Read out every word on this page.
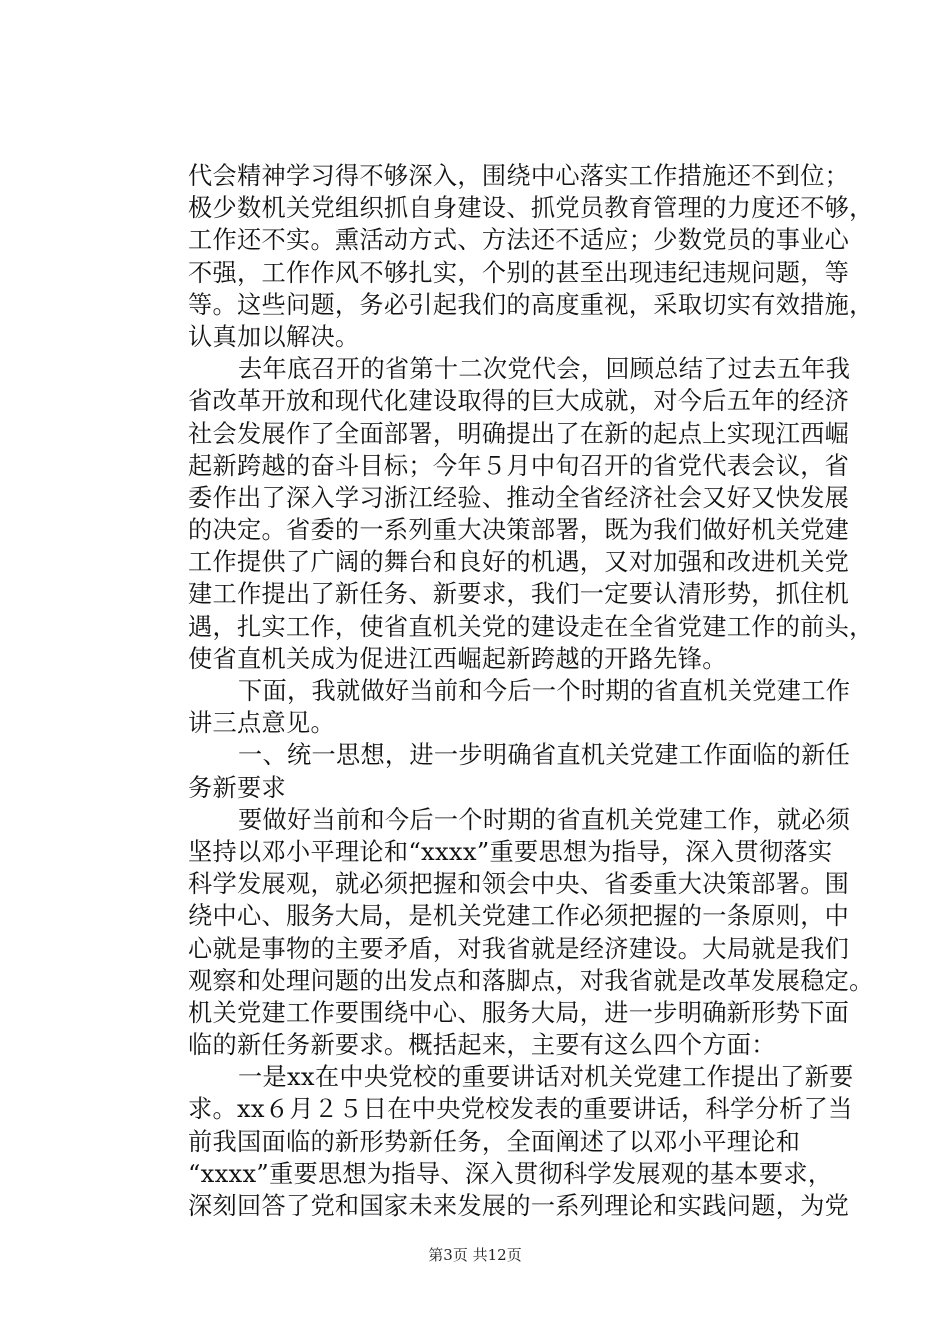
代会精神学习得不够深入，围绕中心落实工作措施还不到位；
极少数机关党组织抓自身建设、抓党员教育管理的力度还不够，
工作还不实。熏活动方式、方法还不适应；少数党员的事业心
不强，工作作风不够扎实，个别的甚至出现违纪违规问题，等
等。这些问题，务必引起我们的高度重视，采取切实有效措施，
认真加以解决。
去年底召开的省第十二次党代会，回顾总结了过去五年我
省改革开放和现代化建设取得的巨大成就，对今后五年的经济
社会发展作了全面部署，明确提出了在新的起点上实现江西崛
起新跨越的奋斗目标；今年５月中旬召开的省党代表会议，省
委作出了深入学习浙江经验、推动全省经济社会又好又快发展
的决定。省委的一系列重大决策部署，既为我们做好机关党建
工作提供了广阔的舞台和良好的机遇，又对加强和改进机关党
建工作提出了新任务、新要求，我们一定要认清形势，抓住机
遇，扎实工作，使省直机关党的建设走在全省党建工作的前头，
使省直机关成为促进江西崛起新跨越的开路先锋。
下面，我就做好当前和今后一个时期的省直机关党建工作
讲三点意见。
一、统一思想，进一步明确省直机关党建工作面临的新任
务新要求
要做好当前和今后一个时期的省直机关党建工作，就必须
坚持以邓小平理论和“xxxx”重要思想为指导，深入贯彻落实
科学发展观，就必须把握和领会中央、省委重大决策部署。围
绕中心、服务大局，是机关党建工作必须把握的一条原则，中
心就是事物的主要矛盾，对我省就是经济建设。大局就是我们
观察和处理问题的出发点和落脚点，对我省就是改革发展稳定。
机关党建工作要围绕中心、服务大局，进一步明确新形势下面
临的新任务新要求。概括起来，主要有这么四个方面：
一是xx在中央党校的重要讲话对机关党建工作提出了新要
求。xx６月２５日在中央党校发表的重要讲话，科学分析了当
前我国面临的新形势新任务，全面阐述了以邓小平理论和
“xxxx”重要思想为指导、深入贯彻科学发展观的基本要求，
深刻回答了党和国家未来发展的一系列理论和实践问题，为党
第3页 共12页
